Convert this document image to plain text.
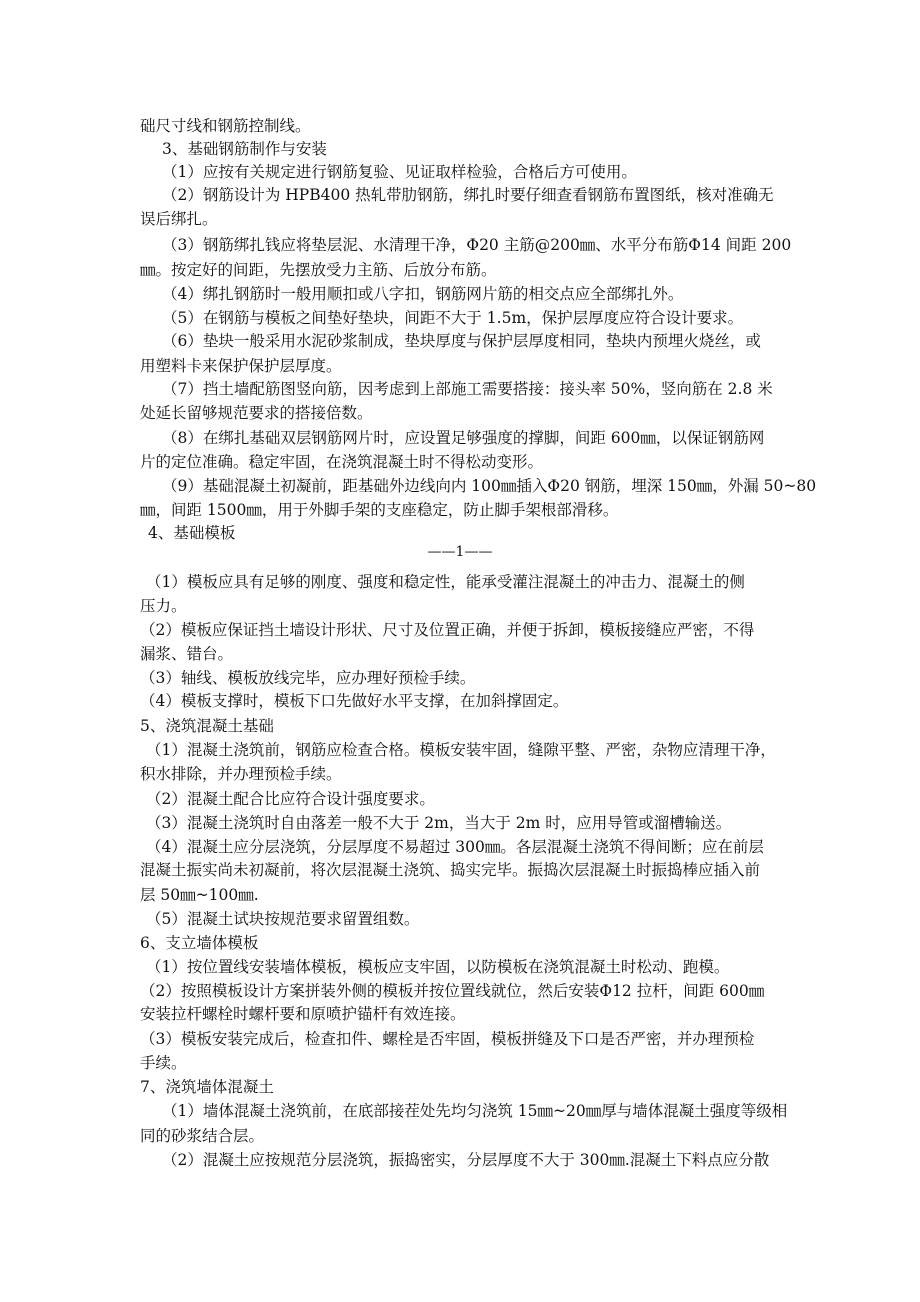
础尺寸线和钢筋控制线。
3、基础钢筋制作与安装
（1）应按有关规定进行钢筋复验、见证取样检验，合格后方可使用。
（2）钢筋设计为 HPB400 热轧带肋钢筋，绑扎时要仔细查看钢筋布置图纸，核对准确无
误后绑扎。
（3）钢筋绑扎钱应将垫层泥、水清理干净，Φ20 主筋@200㎜、水平分布筋Φ14 间距 200
㎜。按定好的间距，先摆放受力主筋、后放分布筋。
（4）绑扎钢筋时一般用顺扣或八字扣，钢筋网片筋的相交点应全部绑扎外。
（5）在钢筋与模板之间垫好垫块，间距不大于 1.5m，保护层厚度应符合设计要求。
（6）垫块一般采用水泥砂浆制成，垫块厚度与保护层厚度相同，垫块内预埋火烧丝，或
用塑料卡来保护保护层厚度。
（7）挡土墙配筋图竖向筋，因考虑到上部施工需要搭接：接头率 50%，竖向筋在 2.8 米
处延长留够规范要求的搭接倍数。
（8）在绑扎基础双层钢筋网片时，应设置足够强度的撑脚，间距 600㎜，以保证钢筋网
片的定位准确。稳定牢固，在浇筑混凝土时不得松动变形。
（9）基础混凝土初凝前，距基础外边线向内 100㎜插入Φ20 钢筋，埋深 150㎜，外漏 50~80
㎜，间距 1500㎜，用于外脚手架的支座稳定，防止脚手架根部滑移。
4、基础模板
——1——
（1）模板应具有足够的刚度、强度和稳定性，能承受灌注混凝土的冲击力、混凝土的侧
压力。
（2）模板应保证挡土墙设计形状、尺寸及位置正确，并便于拆卸，模板接缝应严密，不得
漏浆、错台。
（3）轴线、模板放线完毕，应办理好预检手续。
（4）模板支撑时，模板下口先做好水平支撑，在加斜撑固定。
5、浇筑混凝土基础
（1）混凝土浇筑前，钢筋应检查合格。模板安装牢固，缝隙平整、严密，杂物应清理干净，
积水排除，并办理预检手续。
（2）混凝土配合比应符合设计强度要求。
（3）混凝土浇筑时自由落差一般不大于 2m，当大于 2m 时，应用导管或溜槽输送。
（4）混凝土应分层浇筑，分层厚度不易超过 300㎜。各层混凝土浇筑不得间断；应在前层
混凝土振实尚未初凝前，将次层混凝土浇筑、捣实完毕。振捣次层混凝土时振捣棒应插入前
层 50㎜~100㎜.
（5）混凝土试块按规范要求留置组数。
6、支立墙体模板
（1）按位置线安装墙体模板，模板应支牢固，以防模板在浇筑混凝土时松动、跑模。
（2）按照模板设计方案拼装外侧的模板并按位置线就位，然后安装Φ12 拉杆，间距 600㎜
安装拉杆螺栓时螺杆要和原喷护锚杆有效连接。
（3）模板安装完成后，检查扣件、螺栓是否牢固，模板拼缝及下口是否严密，并办理预检
手续。
7、浇筑墙体混凝土
（1）墙体混凝土浇筑前，在底部接茬处先均匀浇筑 15㎜~20㎜厚与墙体混凝土强度等级相
同的砂浆结合层。
（2）混凝土应按规范分层浇筑，振捣密实，分层厚度不大于 300㎜.混凝土下料点应分散
